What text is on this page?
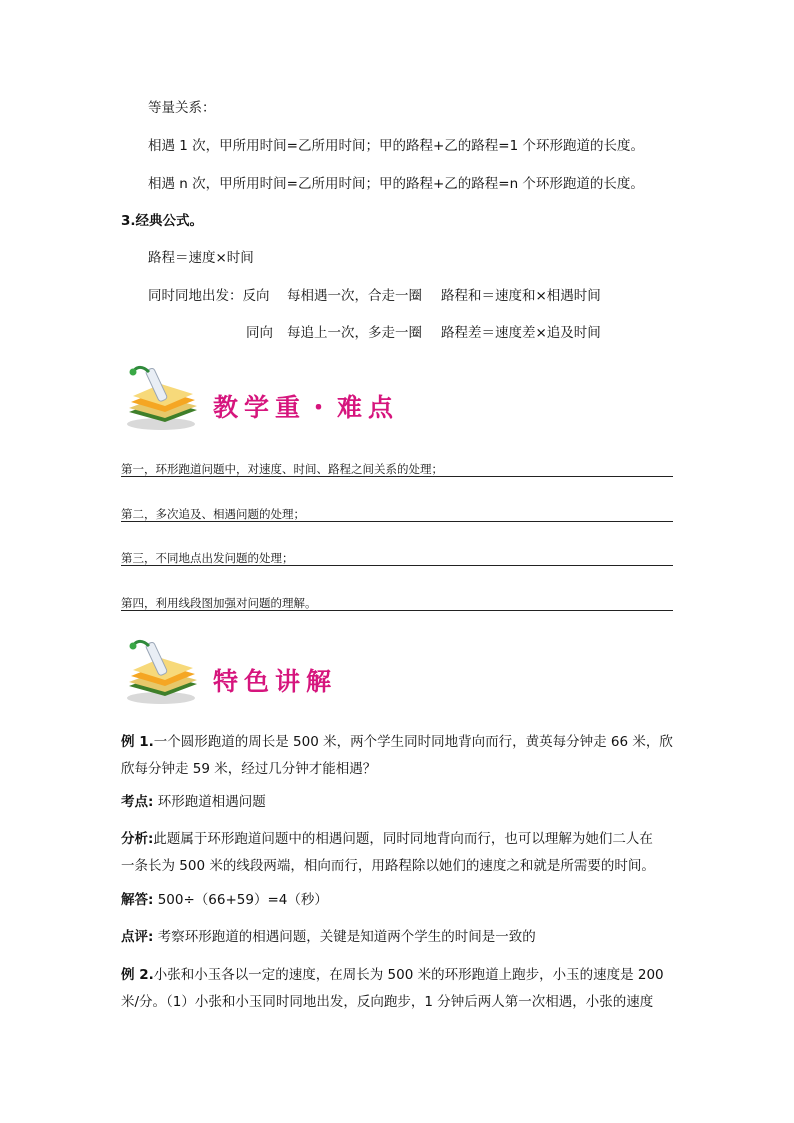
等量关系：
相遇 1 次，甲所用时间=乙所用时间；甲的路程+乙的路程=1 个环形跑道的长度。
相遇 n 次，甲所用时间=乙所用时间；甲的路程+乙的路程=n 个环形跑道的长度。
3.经典公式。
路程＝速度×时间
同时同地出发：反向 每相遇一次，合走一圈 路程和＝速度和×相遇时间
同向 每追上一次，多走一圈 路程差＝速度差×追及时间
教学重・难点
第一，环形跑道问题中，对速度、时间、路程之间关系的处理；
第二，多次追及、相遇问题的处理；
第三，不同地点出发问题的处理；
第四，利用线段图加强对问题的理解。
特色讲解
例 1.一个圆形跑道的周长是 500 米，两个学生同时同地背向而行，黄英每分钟走 66 米，欣
欣每分钟走 59 米，经过几分钟才能相遇？
考点: 环形跑道相遇问题
分析:此题属于环形跑道问题中的相遇问题，同时同地背向而行，也可以理解为她们二人在
一条长为 500 米的线段两端，相向而行，用路程除以她们的速度之和就是所需要的时间。
解答: 500÷（66+59）=4（秒）
点评: 考察环形跑道的相遇问题，关键是知道两个学生的时间是一致的
例 2.小张和小玉各以一定的速度，在周长为 500 米的环形跑道上跑步，小玉的速度是 200
米/分。（1）小张和小玉同时同地出发，反向跑步，1 分钟后两人第一次相遇，小张的速度
